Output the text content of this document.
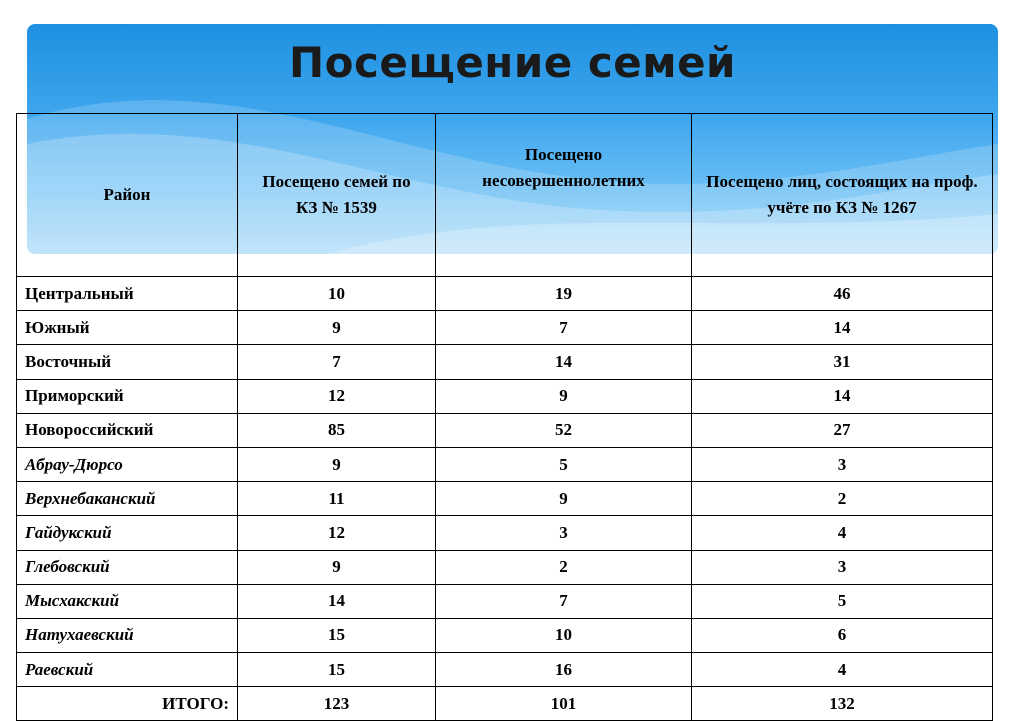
Посещение семей
Район	Посещено семей по КЗ № 1539	Посещено несовершеннолетних	Посещено лиц, состоящих на проф. учёте по КЗ № 1267
Центральный	10	19	46
Южный	9	7	14
Восточный	7	14	31
Приморский	12	9	14
Новороссийский	85	52	27
Абрау-Дюрсо	9	5	3
Верхнебаканский	11	9	2
Гайдукский	12	3	4
Глебовский	9	2	3
Мысхакский	14	7	5
Натухаевский	15	10	6
Раевский	15	16	4
ИТОГО:	123	101	132
